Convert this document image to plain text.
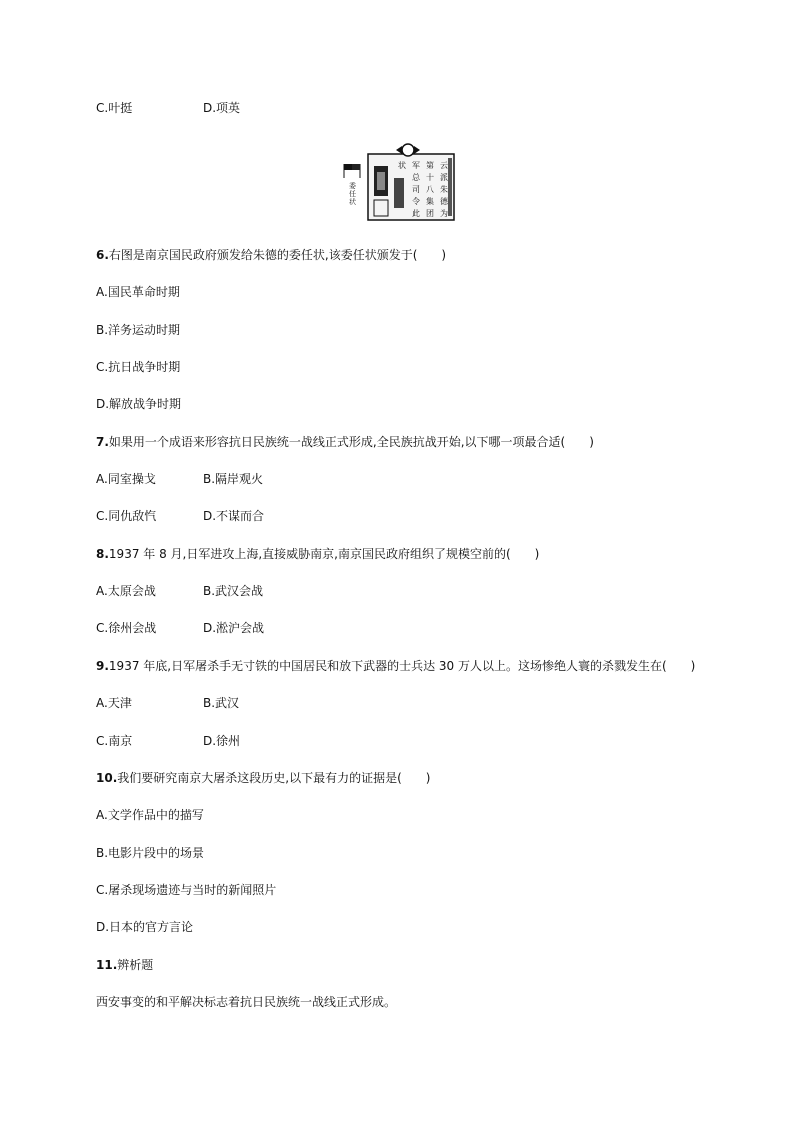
C.叶挺	D.项英
委
任
状
云
派
朱
德
为
第
十
八
集
团
军
总
司
令
此
状
6.右图是南京国民政府颁发给朱德的委任状,该委任状颁发于(　　)
A.国民革命时期
B.洋务运动时期
C.抗日战争时期
D.解放战争时期
7.如果用一个成语来形容抗日民族统一战线正式形成,全民族抗战开始,以下哪一项最合适(　　)
A.同室操戈	B.隔岸观火
C.同仇敌忾	D.不谋而合
8.1937 年 8 月,日军进攻上海,直接威胁南京,南京国民政府组织了规模空前的(　　)
A.太原会战	B.武汉会战
C.徐州会战	D.淞沪会战
9.1937 年底,日军屠杀手无寸铁的中国居民和放下武器的士兵达 30 万人以上。这场惨绝人寰的杀戮发生在(　　)
A.天津	B.武汉
C.南京	D.徐州
10.我们要研究南京大屠杀这段历史,以下最有力的证据是(　　)
A.文学作品中的描写
B.电影片段中的场景
C.屠杀现场遗迹与当时的新闻照片
D.日本的官方言论
11.辨析题
西安事变的和平解决标志着抗日民族统一战线正式形成。
